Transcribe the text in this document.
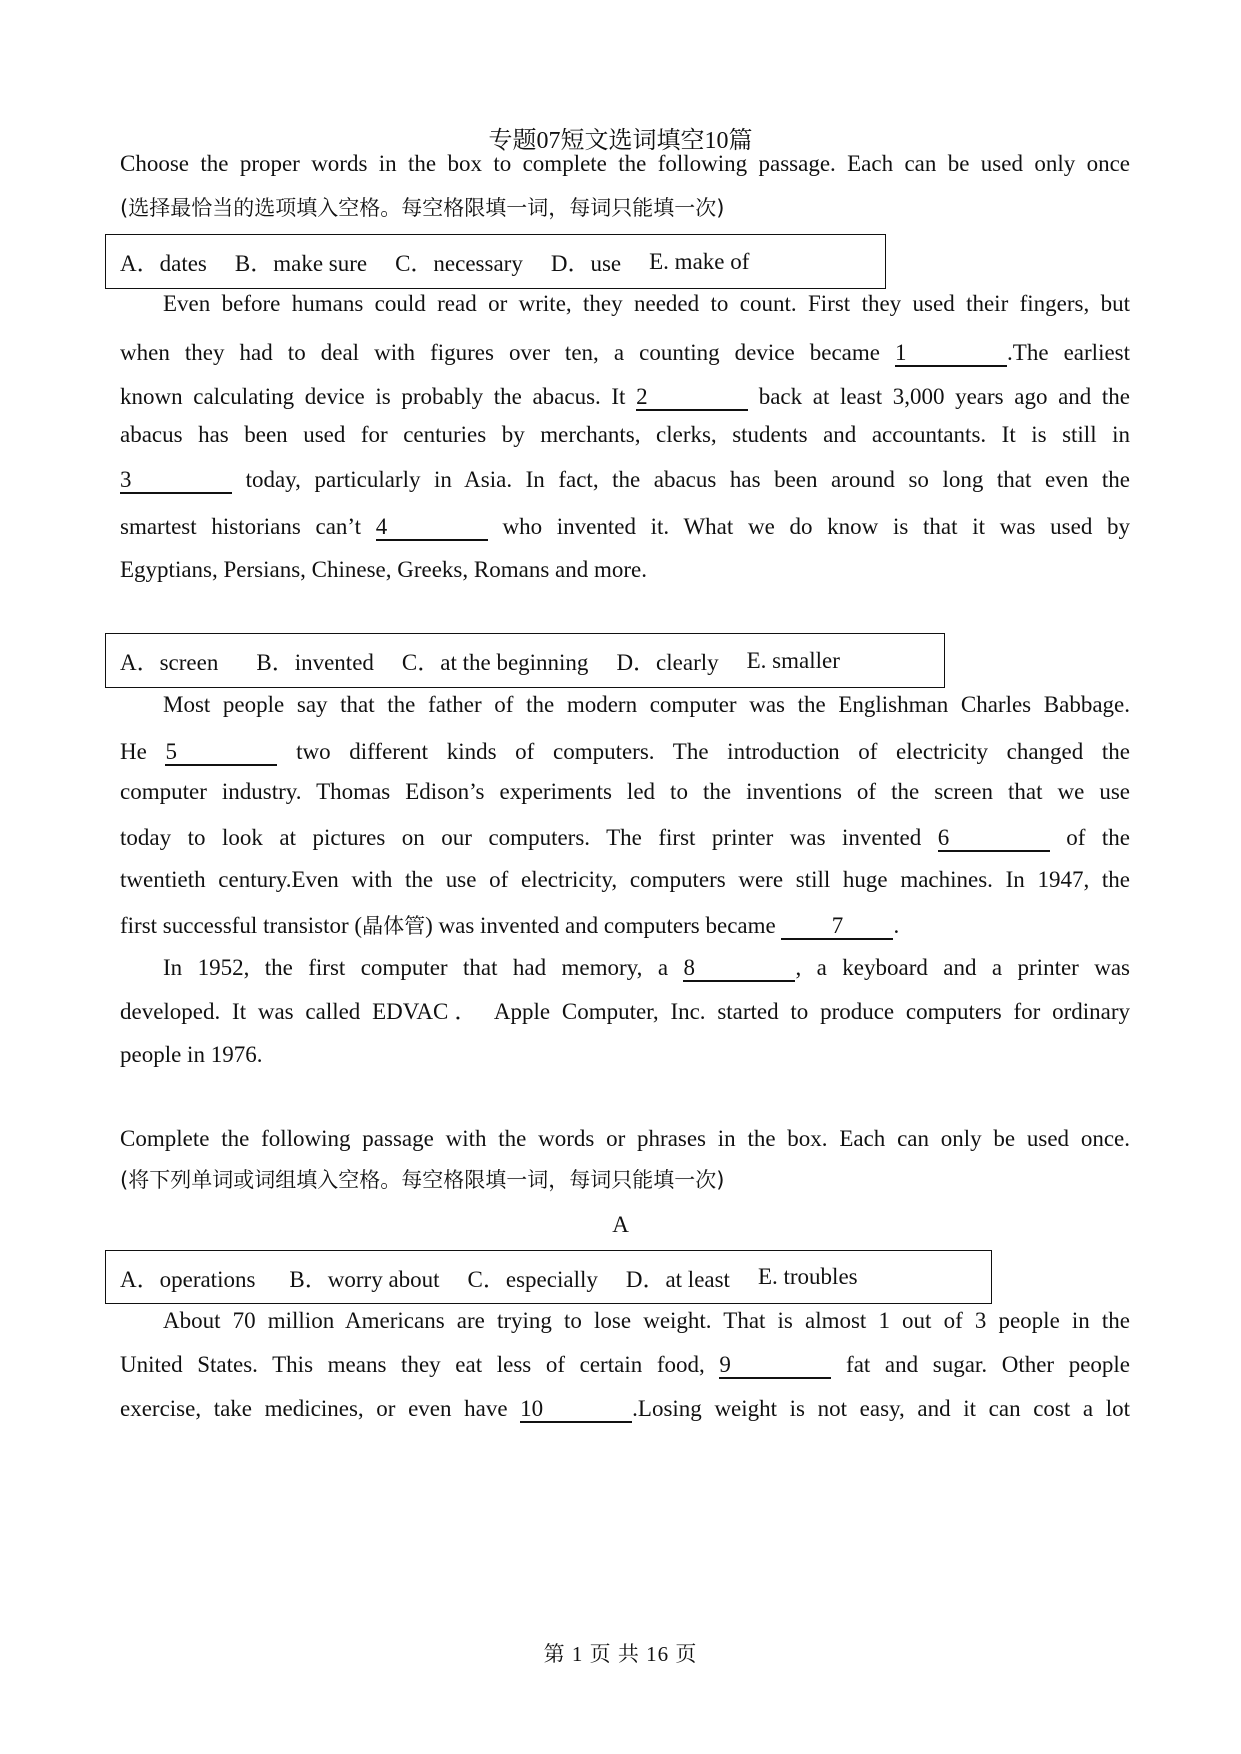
专题07短文选词填空10篇
Choose the proper words in the box to complete the following passage. Each can be used only once
(选择最恰当的选项填入空格。每空格限填一词，每词只能填一次)
A．dates B．make sure C．necessary D．use E. make of
Even before humans could read or write, they needed to count. First they used their fingers, but
when they had to deal with figures over ten, a counting device became 1	.The earliest
known calculating device is probably the abacus. It 2	back at least 3,000 years ago and the
abacus has been used for centuries by merchants, clerks, students and accountants. It is still in
3	today, particularly in Asia. In fact, the abacus has been around so long that even the
smartest historians can’t 4	who invented it. What we do know is that it was used by
Egyptians, Persians, Chinese, Greeks, Romans and more.
A．screen B．invented C．at the beginning D．clearly E. smaller
Most people say that the father of the modern computer was the Englishman Charles Babbage.
He 5	two different kinds of computers. The introduction of electricity changed the
computer industry. Thomas Edison’s experiments led to the inventions of the screen that we use
today to look at pictures on our computers. The first printer was invented 6	of the
twentieth century.Even with the use of electricity, computers were still huge machines. In 1947, the
first successful transistor (晶体管) was invented and computers became 7 .
In 1952, the first computer that had memory, a 8	, a keyboard and a printer was
developed. It was called EDVAC． Apple Computer, Inc. started to produce computers for ordinary
people in 1976.
Complete the following passage with the words or phrases in the box. Each can only be used once.
(将下列单词或词组填入空格。每空格限填一词，每词只能填一次)
A
A．operations B．worry about C．especially D．at least E. troubles
About 70 million Americans are trying to lose weight. That is almost 1 out of 3 people in the
United States. This means they eat less of certain food, 9	fat and sugar. Other people
exercise, take medicines, or even have 10	.Losing weight is not easy, and it can cost a lot
第 1 页 共 16 页
